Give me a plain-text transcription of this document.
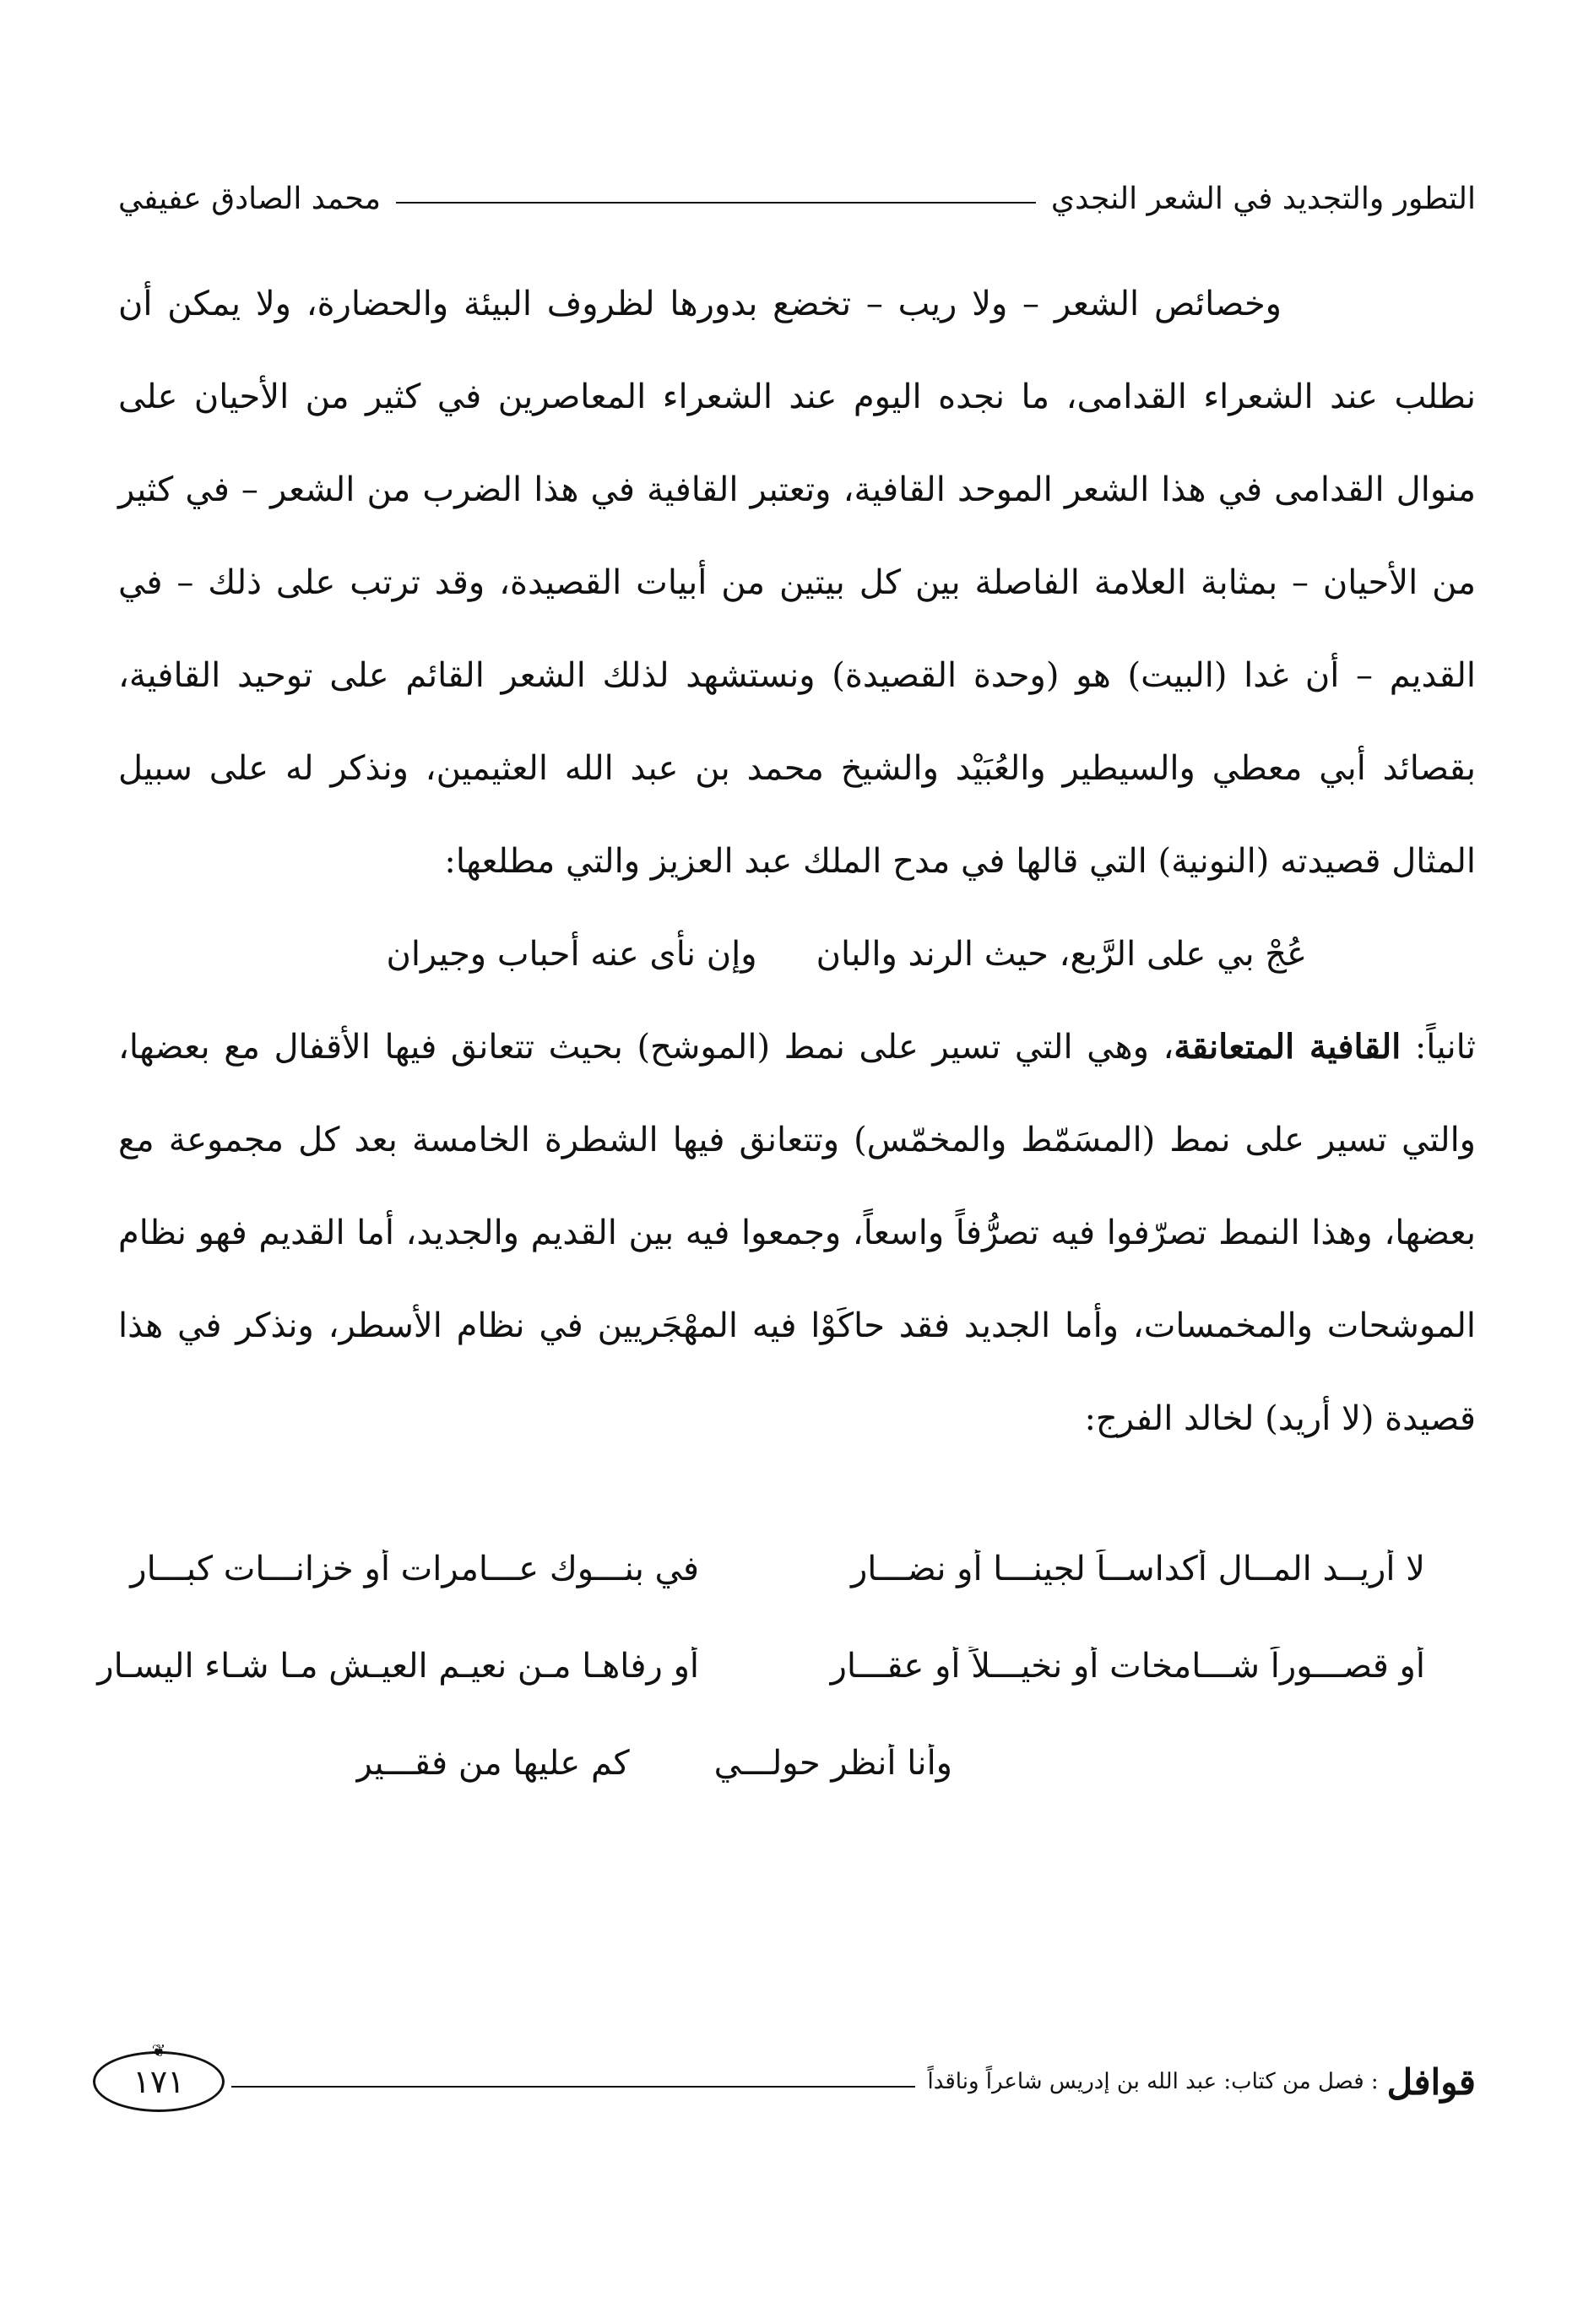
التطور والتجديد في الشعر النجدي
محمد الصادق عفيفي

وخصائص الشعر – ولا ريب – تخضع بدورها لظروف البيئة والحضارة، ولا يمكن أن نطلب عند الشعراء القدامى، ما نجده اليوم عند الشعراء المعاصرين في كثير من الأحيان على منوال القدامى في هذا الشعر الموحد القافية، وتعتبر القافية في هذا الضرب من الشعر – في كثير من الأحيان – بمثابة العلامة الفاصلة بين كل بيتين من أبيات القصيدة، وقد ترتب على ذلك – في القديم – أن غدا (البيت) هو (وحدة القصيدة) ونستشهد لذلك الشعر القائم على توحيد القافية، بقصائد أبي معطي والسيطير والعُبَيْد والشيخ محمد بن عبد الله العثيمين، ونذكر له على سبيل المثال قصيدته (النونية) التي قالها في مدح الملك عبد العزيز والتي مطلعها:

عُجْ بي على الرَّبع، حيث الرند والبان
وإن نأى عنه أحباب وجيران

ثانياً: القافية المتعانقة، وهي التي تسير على نمط (الموشح) بحيث تتعانق فيها الأقفال مع بعضها، والتي تسير على نمط (المسَمّط والمخمّس) وتتعانق فيها الشطرة الخامسة بعد كل مجموعة مع بعضها، وهذا النمط تصرّفوا فيه تصرُّفاً واسعاً، وجمعوا فيه بين القديم والجديد، أما القديم فهو نظام الموشحات والمخمسات، وأما الجديد فقد حاكَوْا فيه المهْجَريين في نظام الأسطر، ونذكر في هذا قصيدة (لا أريد) لخالد الفرج:

لا أريــد المــال أكداســاً لجينـــا أو نضـــار
في بنـــوك عـــامرات أو خزانـــات كبـــار
أو قصـــوراً شـــامخات أو نخيـــلاً أو عقـــار
أو رفاهـا مـن نعيـم العيـش مـا شـاء اليسـار
وأنا أنظر حولـــي
كم عليها من فقـــير
قوافل
: فصل من كتاب: عبد الله بن إدريس شاعراً وناقداً
❦
١٧١
